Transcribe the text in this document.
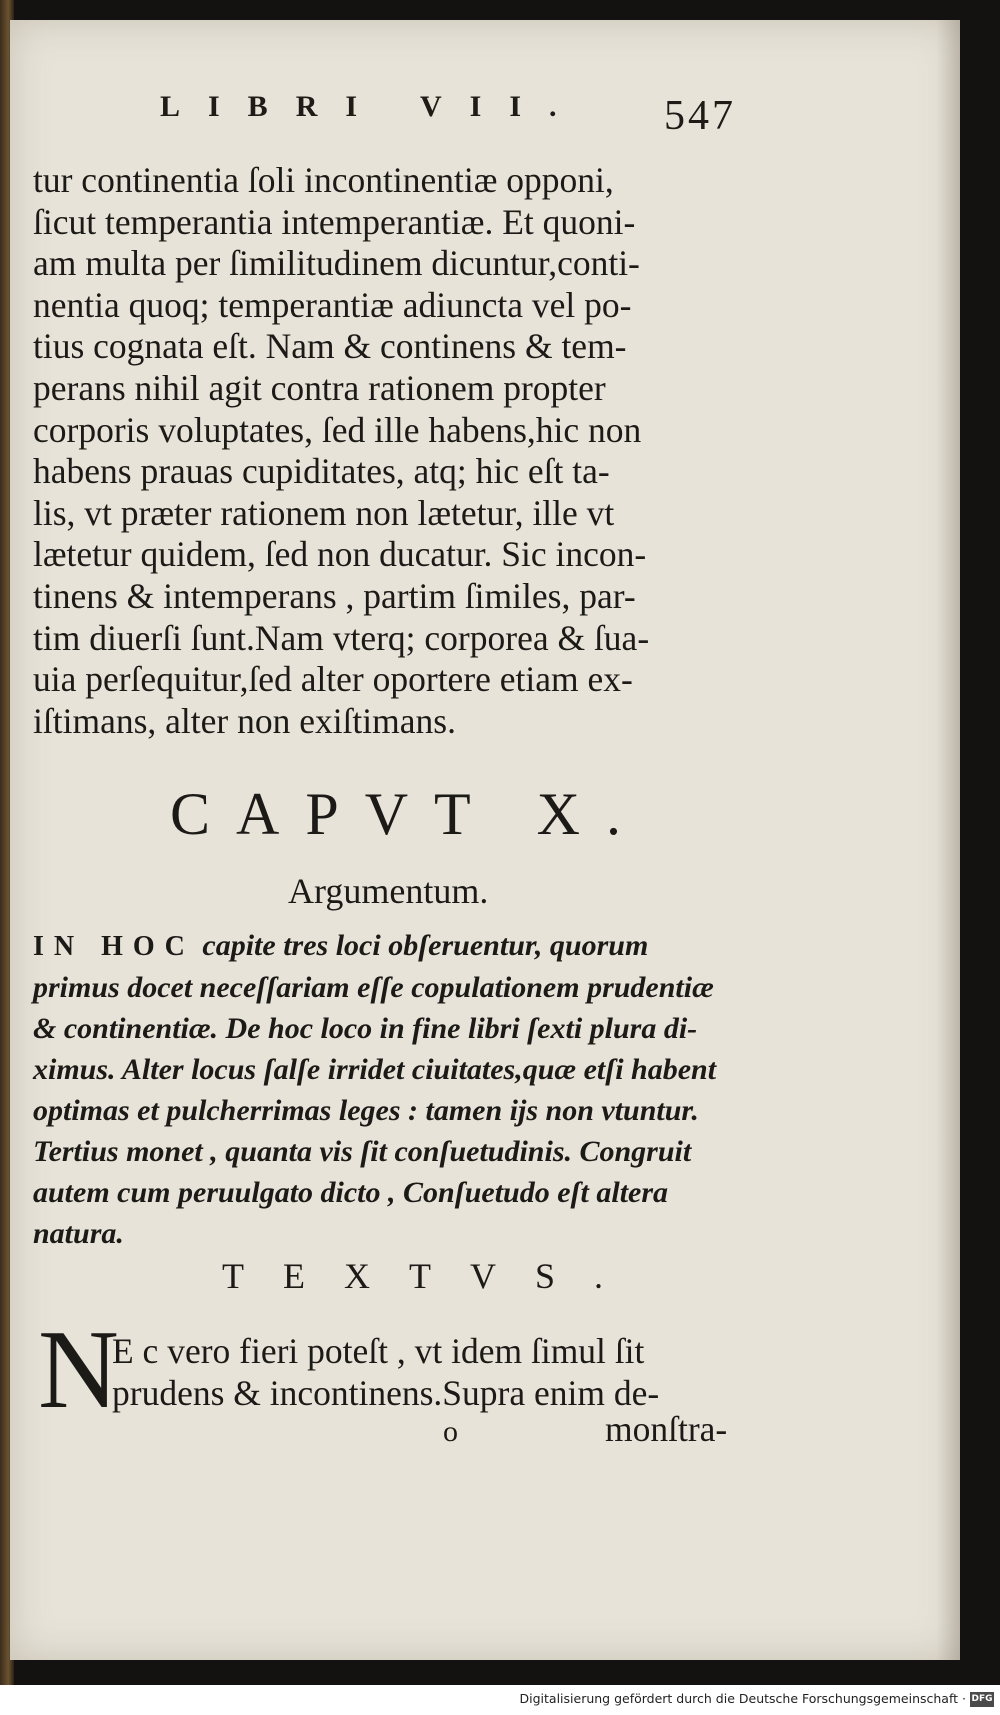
LIBRI VII.	547
tur continentia ſoli incontinentiæ opponi,
ſicut temperantia intemperantiæ. Et quoni-
am multa per ſimilitudinem dicuntur,conti-
nentia quoq; temperantiæ adiuncta vel po-
tius cognata eſt. Nam & continens & tem-
perans nihil agit contra rationem propter
corporis voluptates, ſed ille habens,hic non
habens prauas cupiditates, atq; hic eſt ta-
lis, vt præter rationem non lætetur, ille vt
lætetur quidem, ſed non ducatur. Sic incon-
tinens & intemperans , partim ſimiles, par-
tim diuerſi ſunt.Nam vterq; corporea & ſua-
uia perſequitur,ſed alter oportere etiam ex-
iſtimans, alter non exiſtimans.
CAPVT X.
Argumentum.
IN HOC capite tres loci obſeruentur, quorum
primus docet neceſſariam eſſe copulationem prudentiæ
& continentiæ. De hoc loco in fine libri ſexti plura di-
ximus. Alter locus ſalſe irridet ciuitates,quæ etſi habent
optimas et pulcherrimas leges : tamen ijs non vtuntur.
Tertius monet , quanta vis ſit conſuetudinis. Congruit
autem cum peruulgato dicto , Conſuetudo eſt altera
natura.
TEXTVS.
N
E c vero fieri poteſt , vt idem ſimul ſit
prudens & incontinens.Supra enim de-
o	monſtra-
Digitalisierung gefördert durch die Deutsche Forschungsgemeinschaft · DFG
